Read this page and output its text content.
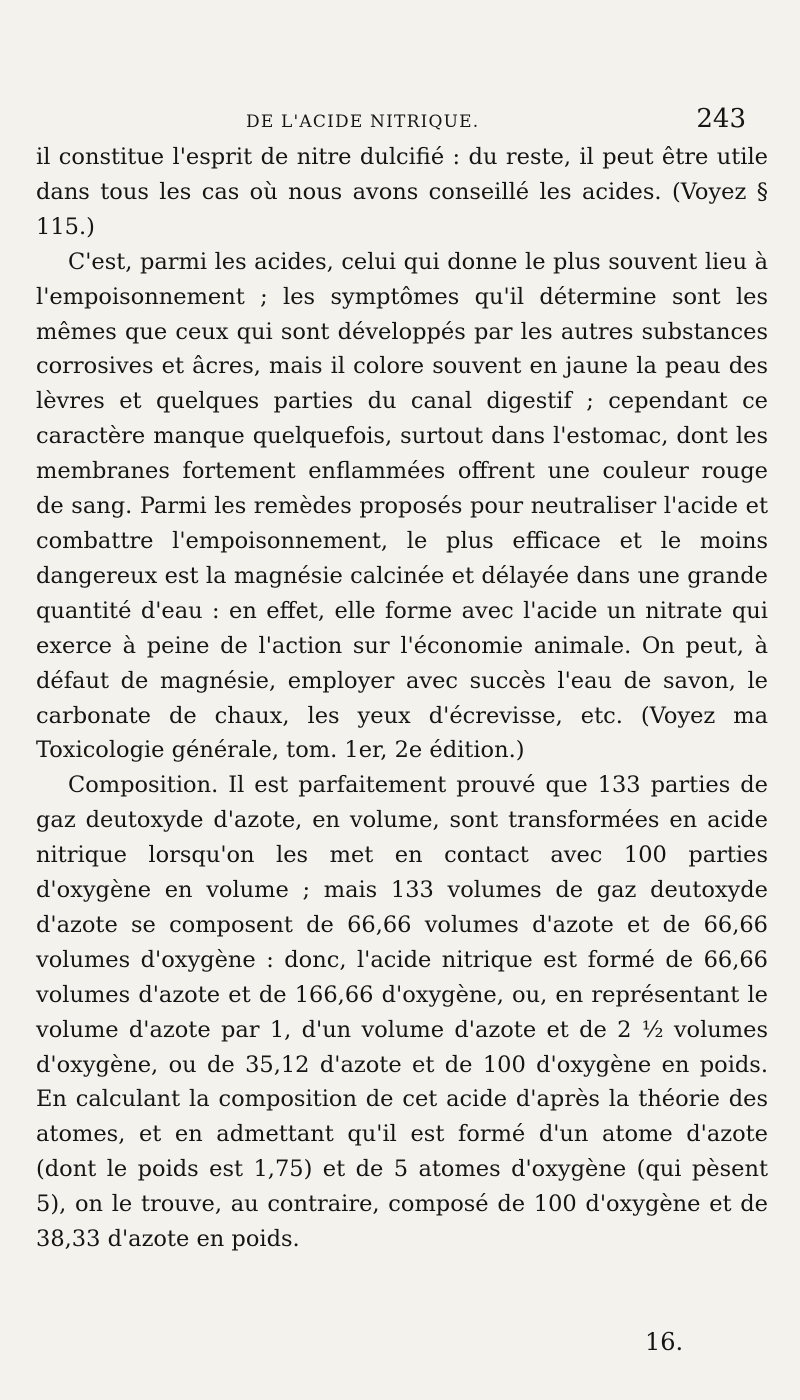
DE L'ACIDE NITRIQUE.	243

il constitue l'esprit de nitre dulcifié : du reste, il peut être utile dans tous les cas où nous avons conseillé les acides. (Voyez § 115.)

C'est, parmi les acides, celui qui donne le plus souvent lieu à l'empoisonnement ; les symptômes qu'il détermine sont les mêmes que ceux qui sont développés par les autres substances corrosives et âcres, mais il colore souvent en jaune la peau des lèvres et quelques parties du canal digestif ; cependant ce caractère manque quelquefois, surtout dans l'estomac, dont les membranes fortement enflammées offrent une couleur rouge de sang. Parmi les remèdes proposés pour neutraliser l'acide et combattre l'empoisonnement, le plus efficace et le moins dangereux est la magnésie calcinée et délayée dans une grande quantité d'eau : en effet, elle forme avec l'acide un nitrate qui exerce à peine de l'action sur l'économie animale. On peut, à défaut de magnésie, employer avec succès l'eau de savon, le carbonate de chaux, les yeux d'écrevisse, etc. (Voyez ma Toxicologie générale, tom. 1er, 2e édition.)

Composition. Il est parfaitement prouvé que 133 parties de gaz deutoxyde d'azote, en volume, sont transformées en acide nitrique lorsqu'on les met en contact avec 100 parties d'oxygène en volume ; mais 133 volumes de gaz deutoxyde d'azote se composent de 66,66 volumes d'azote et de 66,66 volumes d'oxygène : donc, l'acide nitrique est formé de 66,66 volumes d'azote et de 166,66 d'oxygène, ou, en représentant le volume d'azote par 1, d'un volume d'azote et de 2 ½ volumes d'oxygène, ou de 35,12 d'azote et de 100 d'oxygène en poids. En calculant la composition de cet acide d'après la théorie des atomes, et en admettant qu'il est formé d'un atome d'azote (dont le poids est 1,75) et de 5 atomes d'oxygène (qui pèsent 5), on le trouve, au contraire, composé de 100 d'oxygène et de 38,33 d'azote en poids.

16.
